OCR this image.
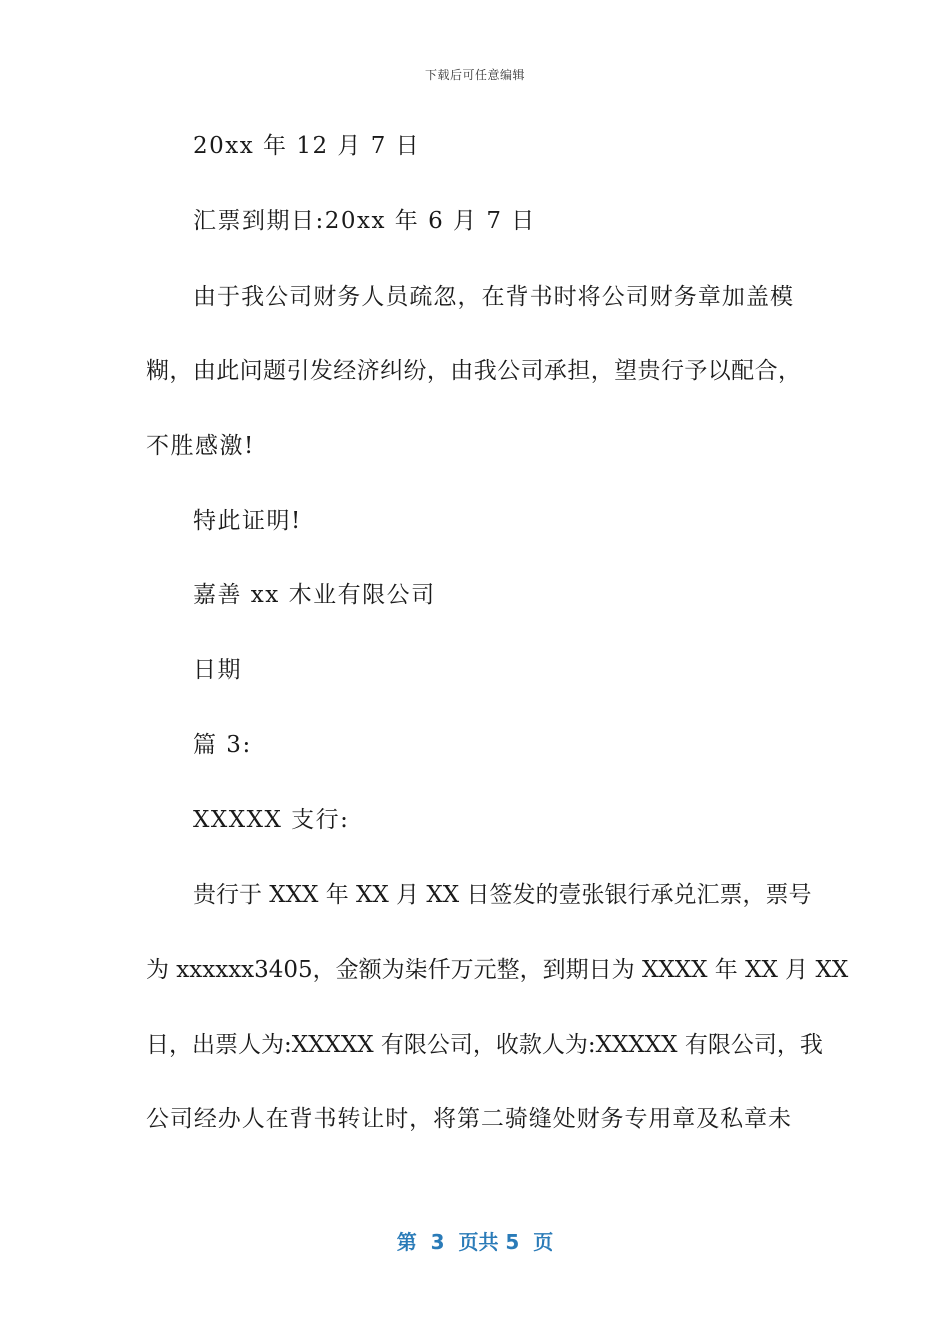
下载后可任意编辑

20xx 年 12 月 7 日

汇票到期日:20xx 年 6 月 7 日

由于我公司财务人员疏忽，在背书时将公司财务章加盖模

糊，由此问题引发经济纠纷，由我公司承担，望贵行予以配合，

不胜感激!

特此证明!

嘉善 xx 木业有限公司

日期

篇 3:

XXXXX 支行:

贵行于 XXX 年 XX 月 XX 日签发的壹张银行承兑汇票，票号

为 xxxxxx3405，金额为柒仟万元整，到期日为 XXXX 年 XX 月 XX

日，出票人为:XXXXX 有限公司，收款人为:XXXXX 有限公司，我

公司经办人在背书转让时，将第二骑缝处财务专用章及私章未

第  3  页共 5  页
